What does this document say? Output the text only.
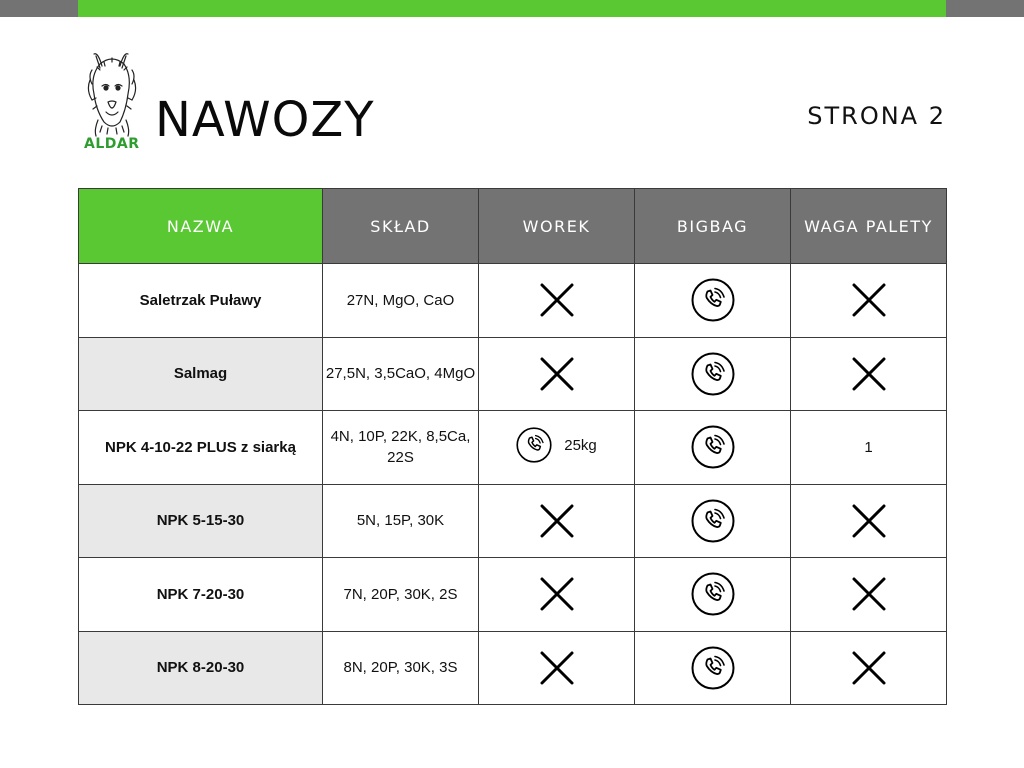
ALDAR NAWOZY	STRONA 2
NAZWA	SKŁAD	WOREK	BIGBAG	WAGA PALETY
Saletrzak Puławy	27N, MgO, CaO			
Salmag	27,5N, 3,5CaO, 4MgO			
NPK 4-10-22 PLUS z siarką	4N, 10P, 22K, 8,5Ca, 22S	25kg		1
NPK 5-15-30	5N, 15P, 30K			
NPK 7-20-30	7N, 20P, 30K, 2S			
NPK 8-20-30	8N, 20P, 30K, 3S			
